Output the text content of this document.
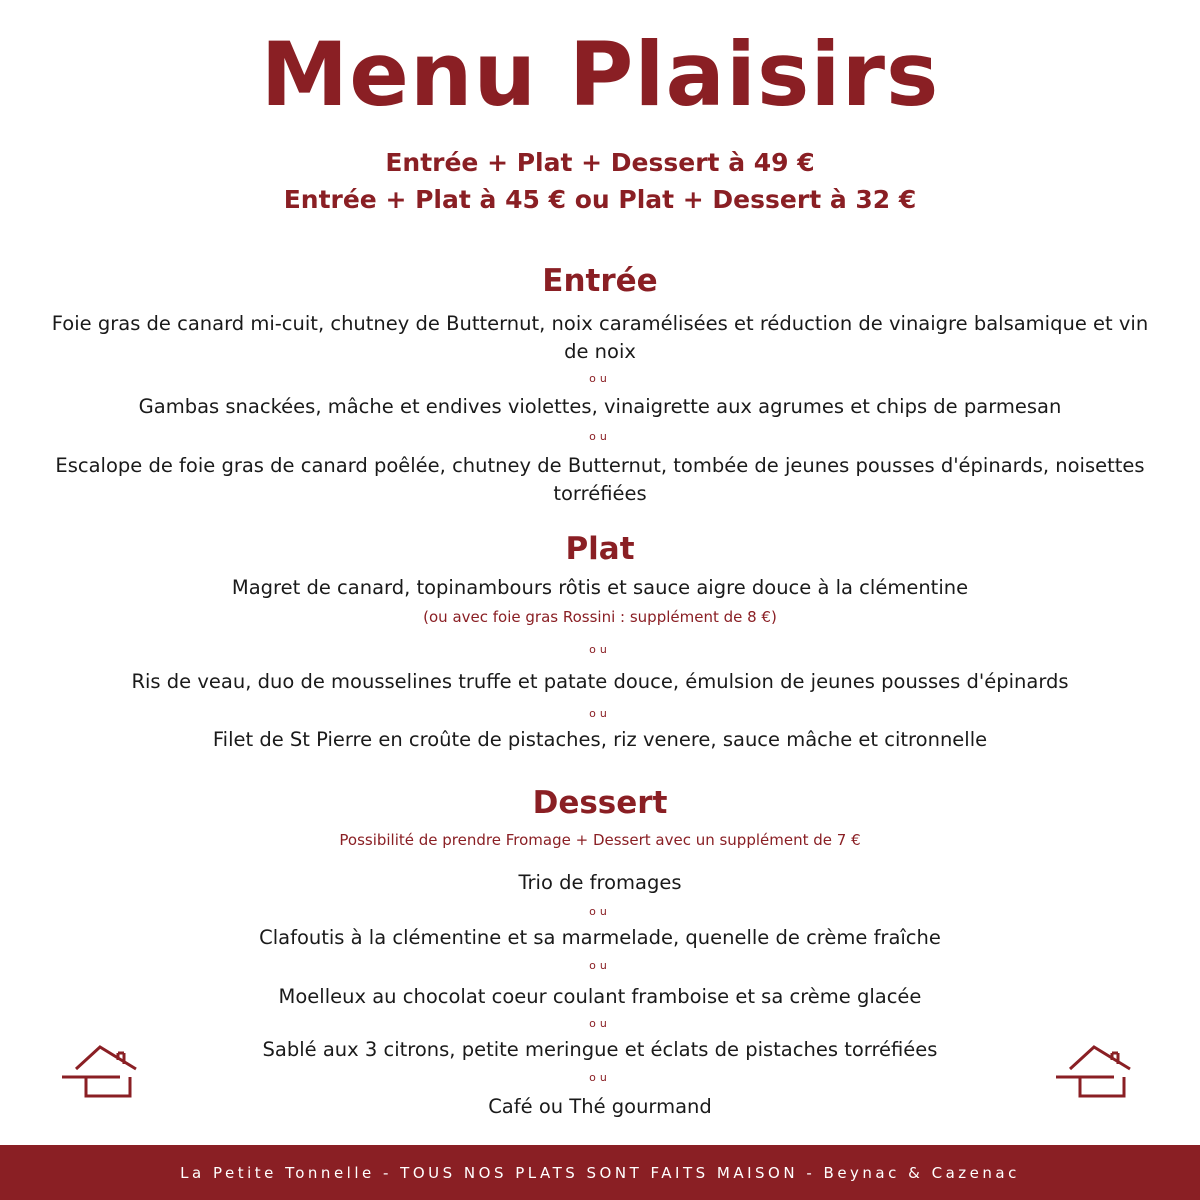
Menu Plaisirs
Entrée + Plat + Dessert à 49 €
Entrée + Plat à 45 € ou Plat + Dessert à 32 €
Entrée
Foie gras de canard mi-cuit, chutney de Butternut, noix caramélisées et réduction de vinaigre balsamique et vin de noix
ou
Gambas snackées, mâche et endives violettes, vinaigrette aux agrumes et chips de parmesan
ou
Escalope de foie gras de canard poêlée, chutney de Butternut, tombée de jeunes pousses d'épinards, noisettes torréfiées
Plat
Magret de canard, topinambours rôtis et sauce aigre douce à la clémentine
(ou avec foie gras Rossini : supplément de 8 €)
ou
Ris de veau, duo de mousselines truffe et patate douce, émulsion de jeunes pousses d'épinards
ou
Filet de St Pierre en croûte de pistaches, riz venere, sauce mâche et citronnelle
Dessert
Possibilité de prendre Fromage + Dessert avec un supplément de 7 €
Trio de fromages
ou
Clafoutis à la clémentine et sa marmelade, quenelle de crème fraîche
ou
Moelleux au chocolat coeur coulant framboise et sa crème glacée
ou
Sablé aux 3 citrons, petite meringue et éclats de pistaches torréfiées
ou
Café ou Thé gourmand
La Petite Tonnelle - TOUS NOS PLATS SONT FAITS MAISON - Beynac & Cazenac
